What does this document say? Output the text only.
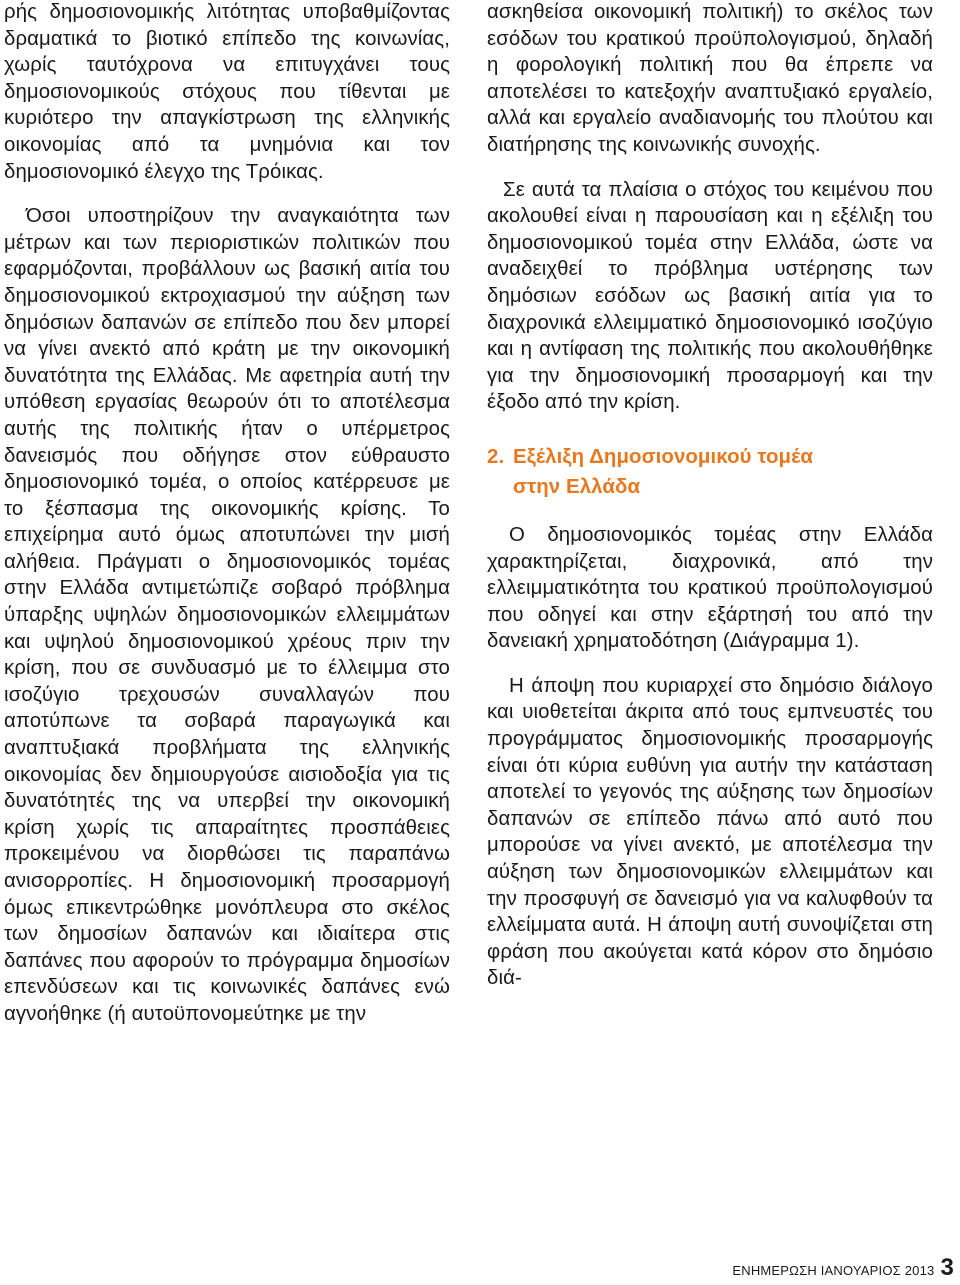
ρής δημοσιονομικής λιτότητας υποβαθμίζοντας δραματικά το βιοτικό επίπεδο της κοινωνίας, χωρίς ταυτόχρονα να επιτυγχάνει τους δημοσιονομικούς στόχους που τίθενται με κυριότερο την απαγκίστρωση της ελληνικής οικονομίας από τα μνημόνια και τον δημοσιονομικό έλεγχο της Τρόικας.

Όσοι υποστηρίζουν την αναγκαιότητα των μέτρων και των περιοριστικών πολιτικών που εφαρμόζονται, προβάλλουν ως βασική αιτία του δημοσιονομικού εκτροχιασμού την αύξηση των δημόσιων δαπανών σε επίπεδο που δεν μπορεί να γίνει ανεκτό από κράτη με την οικονομική δυνατότητα της Ελλάδας. Με αφετηρία αυτή την υπόθεση εργασίας θεωρούν ότι το αποτέλεσμα αυτής της πολιτικής ήταν ο υπέρμετρος δανεισμός που οδήγησε στον εύθραυστο δημοσιονομικό τομέα, ο οποίος κατέρρευσε με το ξέσπασμα της οικονομικής κρίσης. Το επιχείρημα αυτό όμως αποτυπώνει την μισή αλήθεια. Πράγματι ο δημοσιονομικός τομέας στην Ελλάδα αντιμετώπιζε σοβαρό πρόβλημα ύπαρξης υψηλών δημοσιονομικών ελλειμμάτων και υψηλού δημοσιονομικού χρέους πριν την κρίση, που σε συνδυασμό με το έλλειμμα στο ισοζύγιο τρεχουσών συναλλαγών που αποτύπωνε τα σοβαρά παραγωγικά και αναπτυξιακά προβλήματα της ελληνικής οικονομίας δεν δημιουργούσε αισιοδοξία για τις δυνατότητές της να υπερβεί την οικονομική κρίση χωρίς τις απαραίτητες προσπάθειες προκειμένου να διορθώσει τις παραπάνω ανισορροπίες. Η δημοσιονομική προσαρμογή όμως επικεντρώθηκε μονόπλευρα στο σκέλος των δημοσίων δαπανών και ιδιαίτερα στις δαπάνες που αφορούν το πρόγραμμα δημοσίων επενδύσεων και τις κοινωνικές δαπάνες ενώ αγνοήθηκε (ή αυτοϋπονομεύτηκε με την

ασκηθείσα οικονομική πολιτική) το σκέλος των εσόδων του κρατικού προϋπολογισμού, δηλαδή η φορολογική πολιτική που θα έπρεπε να αποτελέσει το κατεξοχήν αναπτυξιακό εργαλείο, αλλά και εργαλείο αναδιανομής του πλούτου και διατήρησης της κοινωνικής συνοχής.

Σε αυτά τα πλαίσια ο στόχος του κειμένου που ακολουθεί είναι η παρουσίαση και η εξέλιξη του δημοσιονομικού τομέα στην Ελλάδα, ώστε να αναδειχθεί το πρόβλημα υστέρησης των δημόσιων εσόδων ως βασική αιτία για το διαχρονικά ελλειμματικό δημοσιονομικό ισοζύγιο και η αντίφαση της πολιτικής που ακολουθήθηκε για την δημοσιονομική προσαρμογή και την έξοδο από την κρίση.

2. Εξέλιξη Δημοσιονομικού τομέα
στην Ελλάδα

Ο δημοσιονομικός τομέας στην Ελλάδα χαρακτηρίζεται, διαχρονικά, από την ελλειμματικότητα του κρατικού προϋπολογισμού που οδηγεί και στην εξάρτησή του από την δανειακή χρηματοδότηση (Διάγραμμα 1).

Η άποψη που κυριαρχεί στο δημόσιο διάλογο και υιοθετείται άκριτα από τους εμπνευστές του προγράμματος δημοσιονομικής προσαρμογής είναι ότι κύρια ευθύνη για αυτήν την κατάσταση αποτελεί το γεγονός της αύξησης των δημοσίων δαπανών σε επίπεδο πάνω από αυτό που μπορούσε να γίνει ανεκτό, με αποτέλεσμα την αύξηση των δημοσιονομικών ελλειμμάτων και την προσφυγή σε δανεισμό για να καλυφθούν τα ελλείμματα αυτά. Η άποψη αυτή συνοψίζεται στη φράση που ακούγεται κατά κόρον στο δημόσιο διά-

ΕΝΗΜΕΡΩΣΗ ΙΑΝΟΥΑΡΙΟΣ 2013 3
